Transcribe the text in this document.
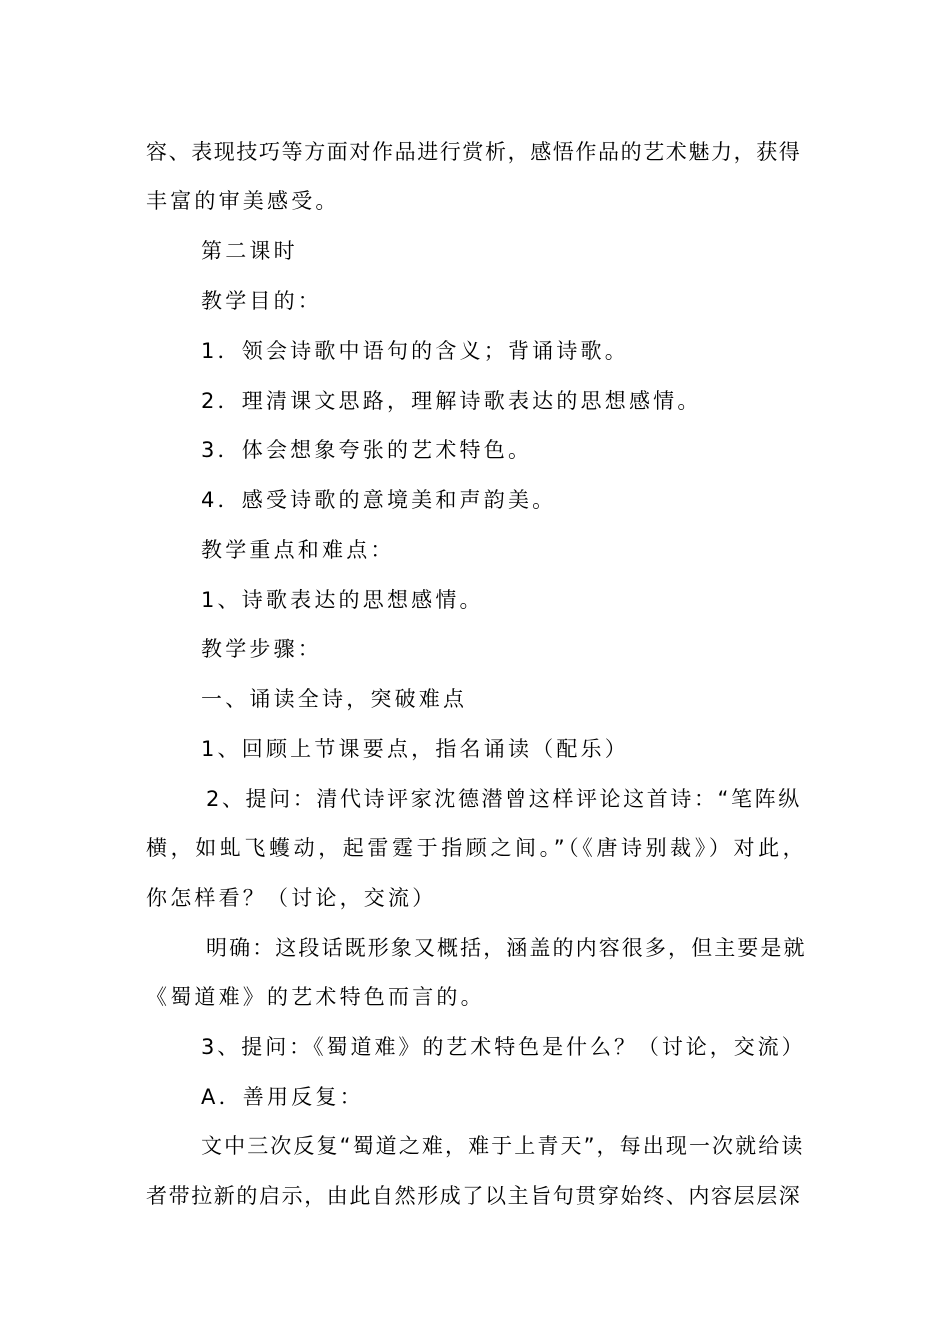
容、表现技巧等方面对作品进行赏析，感悟作品的艺术魅力，获得
丰富的审美感受。
第二课时
教学目的：
1．领会诗歌中语句的含义；背诵诗歌。
2．理清课文思路，理解诗歌表达的思想感情。
3．体会想象夸张的艺术特色。
4．感受诗歌的意境美和声韵美。
教学重点和难点：
1、诗歌表达的思想感情。
教学步骤：
一、诵读全诗，突破难点
1、回顾上节课要点，指名诵读（配乐）
2、提问：清代诗评家沈德潜曾这样评论这首诗：“笔阵纵
横，如虬飞蠖动，起雷霆于指顾之间。”（《唐诗别裁》）对此，
你怎样看？（讨论，交流）
明确：这段话既形象又概括，涵盖的内容很多，但主要是就
《蜀道难》的艺术特色而言的。
3、提问：《蜀道难》的艺术特色是什么？（讨论，交流）
A．善用反复：
文中三次反复“蜀道之难，难于上青天”，每出现一次就给读
者带拉新的启示，由此自然形成了以主旨句贯穿始终、内容层层深
